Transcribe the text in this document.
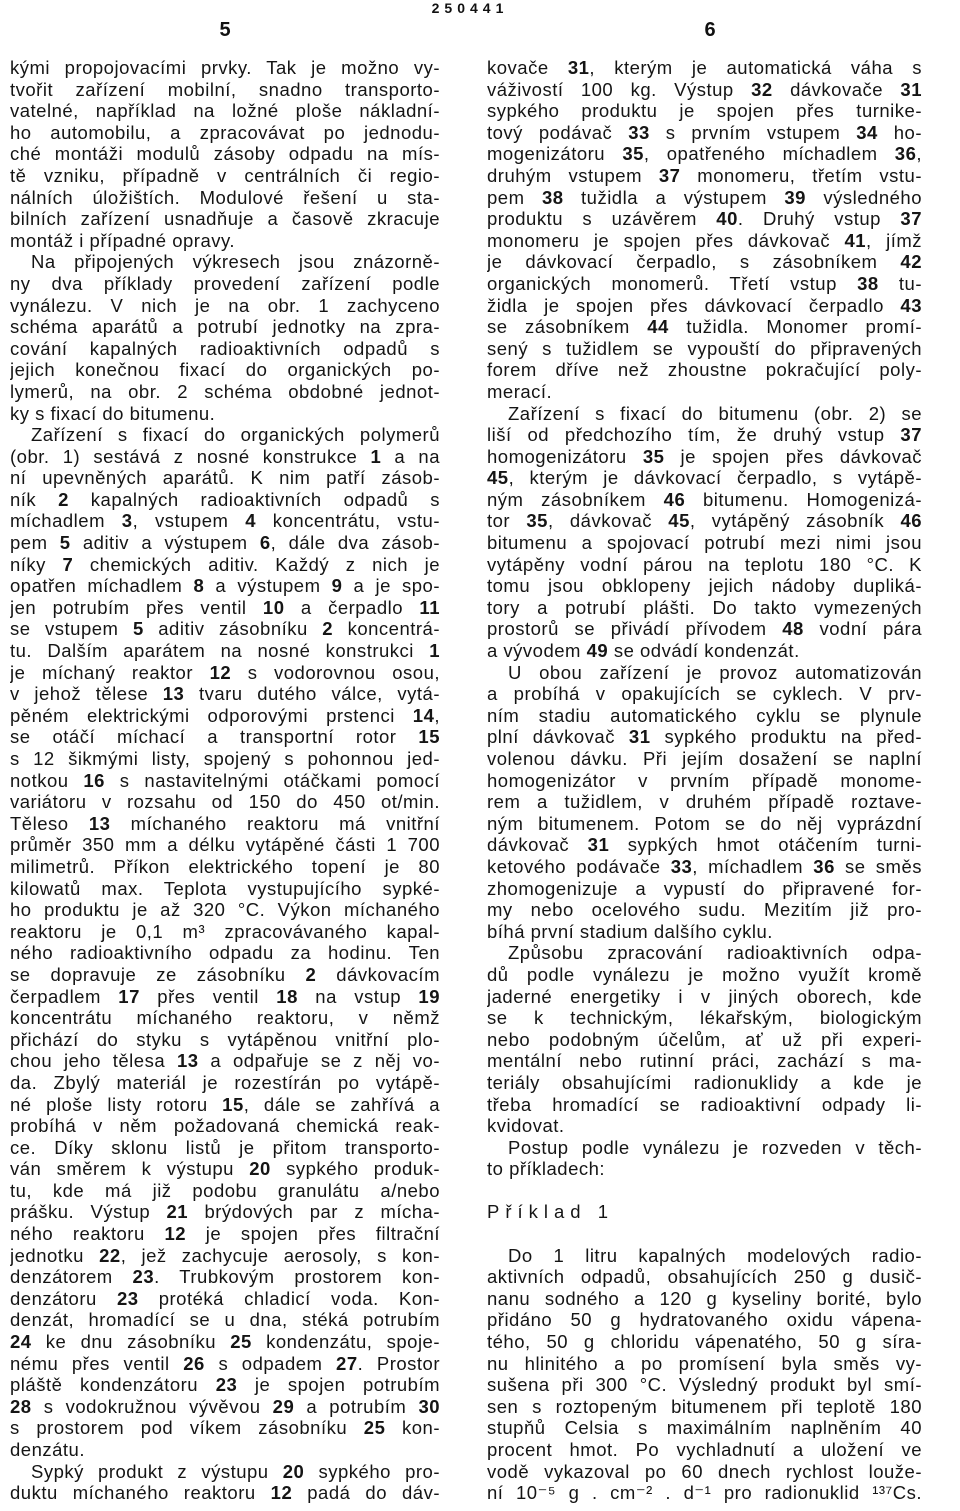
5
250441
6
kými propojovacími prvky. Tak je možno vy-
tvořit zařízení mobilní, snadno transporto-
vatelné, například na ložné ploše nákladní-
ho automobilu, a zpracovávat po jednodu-
ché montáži modulů zásoby odpadu na mís-
tě vzniku, případně v centrálních či regio-
nálních úložištích. Modulové řešení u sta-
bilních zařízení usnadňuje a časově zkracuje
montáž i případné opravy.
Na připojených výkresech jsou znázorně-
ny dva příklady provedení zařízení podle
vynálezu. V nich je na obr. 1 zachyceno
schéma aparátů a potrubí jednotky na zpra-
cování kapalných radioaktivních odpadů s
jejich konečnou fixací do organických po-
lymerů, na obr. 2 schéma obdobné jednot-
ky s fixací do bitumenu.
Zařízení s fixací do organických polymerů
(obr. 1) sestává z nosné konstrukce 1 a na
ní upevněných aparátů. K nim patří zásob-
ník 2 kapalných radioaktivních odpadů s
míchadlem 3, vstupem 4 koncentrátu, vstu-
pem 5 aditiv a výstupem 6, dále dva zásob-
níky 7 chemických aditiv. Každý z nich je
opatřen míchadlem 8 a výstupem 9 a je spo-
jen potrubím přes ventil 10 a čerpadlo 11
se vstupem 5 aditiv zásobníku 2 koncentrá-
tu. Dalším aparátem na nosné konstrukci 1
je míchaný reaktor 12 s vodorovnou osou,
v jehož tělese 13 tvaru dutého válce, vytá-
pěném elektrickými odporovými prstenci 14,
se otáčí míchací a transportní rotor 15
s 12 šikmými listy, spojený s pohonnou jed-
notkou 16 s nastavitelnými otáčkami pomocí
variátoru v rozsahu od 150 do 450 ot/min.
Těleso 13 míchaného reaktoru má vnitřní
průměr 350 mm a délku vytápěné části 1 700
milimetrů. Příkon elektrického topení je 80
kilowatů max. Teplota vystupujícího sypké-
ho produktu je až 320 °C. Výkon míchaného
reaktoru je 0,1 m³ zpracovávaného kapal-
ného radioaktivního odpadu za hodinu. Ten
se dopravuje ze zásobníku 2 dávkovacím
čerpadlem 17 přes ventil 18 na vstup 19
koncentrátu míchaného reaktoru, v němž
přichází do styku s vytápěnou vnitřní plo-
chou jeho tělesa 13 a odpařuje se z něj vo-
da. Zbylý materiál je rozestírán po vytápě-
né ploše listy rotoru 15, dále se zahřívá a
probíhá v něm požadovaná chemická reak-
ce. Díky sklonu listů je přitom transporto-
ván směrem k výstupu 20 sypkého produk-
tu, kde má již podobu granulátu a/nebo
prášku. Výstup 21 brýdových par z mícha-
ného reaktoru 12 je spojen přes filtrační
jednotku 22, jež zachycuje aerosoly, s kon-
denzátorem 23. Trubkovým prostorem kon-
denzátoru 23 protéká chladicí voda. Kon-
denzát, hromadící se u dna, stéká potrubím
24 ke dnu zásobníku 25 kondenzátu, spoje-
nému přes ventil 26 s odpadem 27. Prostor
pláště kondenzátoru 23 je spojen potrubím
28 s vodokružnou vývěvou 29 a potrubím 30
s prostorem pod víkem zásobníku 25 kon-
denzátu.
Sypký produkt z výstupu 20 sypkého pro-
duktu míchaného reaktoru 12 padá do dáv-
kovače 31, kterým je automatická váha s
váživostí 100 kg. Výstup 32 dávkovače 31
sypkého produktu je spojen přes turnike-
tový podávač 33 s prvním vstupem 34 ho-
mogenizátoru 35, opatřeného míchadlem 36,
druhým vstupem 37 monomeru, třetím vstu-
pem 38 tužidla a výstupem 39 výsledného
produktu s uzávěrem 40. Druhý vstup 37
monomeru je spojen přes dávkovač 41, jímž
je dávkovací čerpadlo, s zásobníkem 42
organických monomerů. Třetí vstup 38 tu-
židla je spojen přes dávkovací čerpadlo 43
se zásobníkem 44 tužidla. Monomer promí-
sený s tužidlem se vypouští do připravených
forem dříve než zhoustne pokračující poly-
merací.
Zařízení s fixací do bitumenu (obr. 2) se
liší od předchozího tím, že druhý vstup 37
homogenizátoru 35 je spojen přes dávkovač
45, kterým je dávkovací čerpadlo, s vytápě-
ným zásobníkem 46 bitumenu. Homogenizá-
tor 35, dávkovač 45, vytápěný zásobník 46
bitumenu a spojovací potrubí mezi nimi jsou
vytápěny vodní párou na teplotu 180 °C. K
tomu jsou obklopeny jejich nádoby dupliká-
tory a potrubí plášti. Do takto vymezených
prostorů se přivádí přívodem 48 vodní pára
a vývodem 49 se odvádí kondenzát.
U obou zařízení je provoz automatizován
a probíhá v opakujících se cyklech. V prv-
ním stadiu automatického cyklu se plynule
plní dávkovač 31 sypkého produktu na před-
volenou dávku. Při jejím dosažení se naplní
homogenizátor v prvním případě monome-
rem a tužidlem, v druhém případě roztave-
ným bitumenem. Potom se do něj vyprázdní
dávkovač 31 sypkých hmot otáčením turni-
ketového podávače 33, míchadlem 36 se směs
zhomogenizuje a vypustí do připravené for-
my nebo ocelového sudu. Mezitím již pro-
bíhá první stadium dalšího cyklu.
Způsobu zpracování radioaktivních odpa-
dů podle vynálezu je možno využít kromě
jaderné energetiky i v jiných oborech, kde
se k technickým, lékařským, biologickým
nebo podobným účelům, ať už při experi-
mentální nebo rutinní práci, zachází s ma-
teriály obsahujícími radionuklidy a kde je
třeba hromadící se radioaktivní odpady li-
kvidovat.
Postup podle vynálezu je rozveden v těch-
to příkladech:
Příklad 1
Do 1 litru kapalných modelových radio-
aktivních odpadů, obsahujících 250 g dusič-
nanu sodného a 120 g kyseliny borité, bylo
přidáno 50 g hydratovaného oxidu vápena-
tého, 50 g chloridu vápenatého, 50 g síra-
nu hlinitého a po promísení byla směs vy-
sušena při 300 °C. Výsledný produkt byl smí-
sen s roztopeným bitumenem při teplotě 180
stupňů Celsia s maximálním naplněním 40
procent hmot. Po vychladnutí a uložení ve
vodě vykazoval po 60 dnech rychlost louže-
ní 10⁻⁵ g . cm⁻² . d⁻¹ pro radionuklid ¹³⁷Cs.
